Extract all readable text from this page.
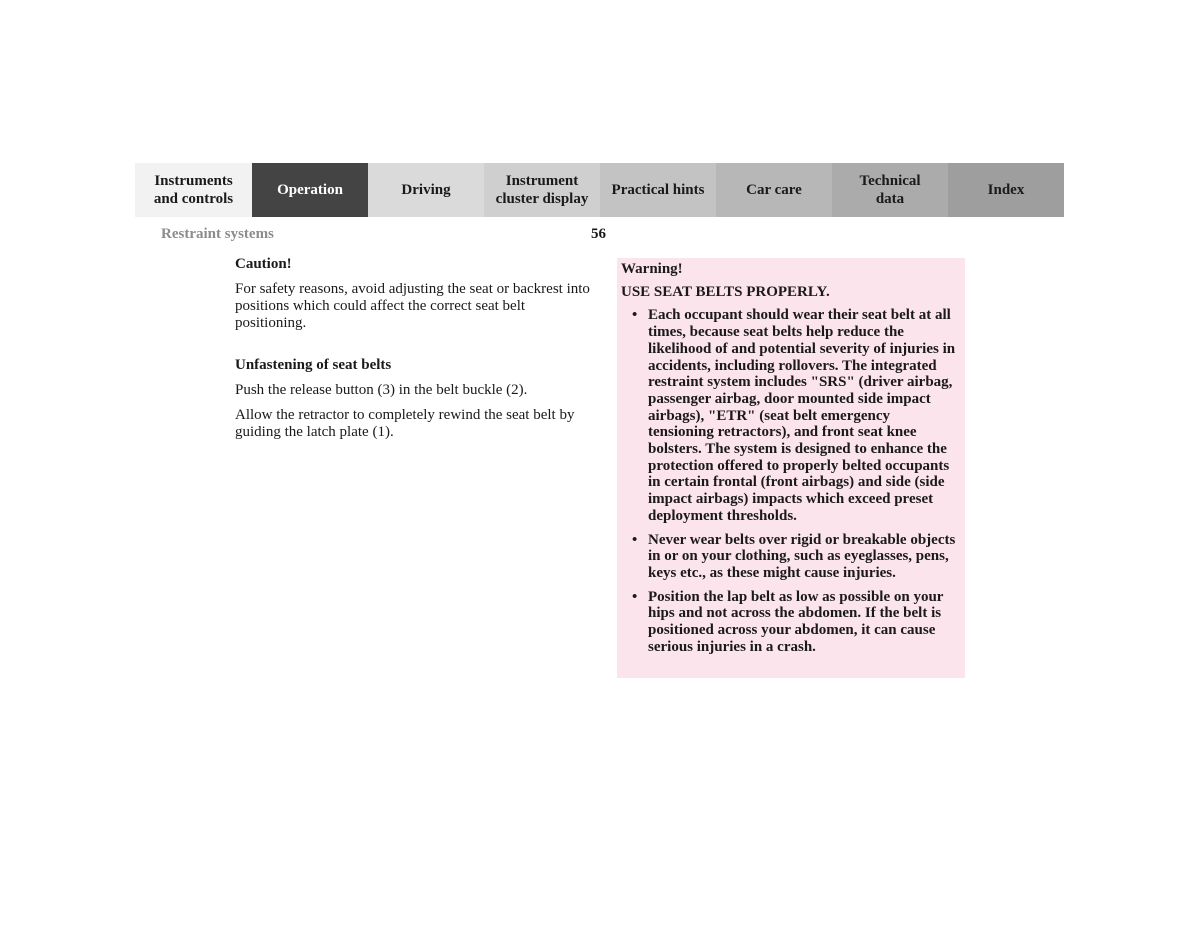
Instruments
and controls
Operation	Driving
Instrument
cluster display
Practical hints	Car care
Technical
data
Index
Restraint systems	56
Caution!

For safety reasons, avoid adjusting the seat or backrest into positions which could affect the correct seat belt positioning.

Unfastening of seat belts

Push the release button (3) in the belt buckle (2).

Allow the retractor to completely rewind the seat belt by guiding the latch plate (1).

Warning!
USE SEAT BELTS PROPERLY.
• Each occupant should wear their seat belt at all times, because seat belts help reduce the likelihood of and potential severity of injuries in accidents, including rollovers. The integrated restraint system includes "SRS" (driver airbag, passenger airbag, door mounted side impact airbags), "ETR" (seat belt emergency tensioning retractors), and front seat knee bolsters. The system is designed to enhance the protection offered to properly belted occupants in certain frontal (front airbags) and side (side impact airbags) impacts which exceed preset deployment thresholds.
• Never wear belts over rigid or breakable objects in or on your clothing, such as eyeglasses, pens, keys etc., as these might cause injuries.
• Position the lap belt as low as possible on your hips and not across the abdomen. If the belt is positioned across your abdomen, it can cause serious injuries in a crash.
